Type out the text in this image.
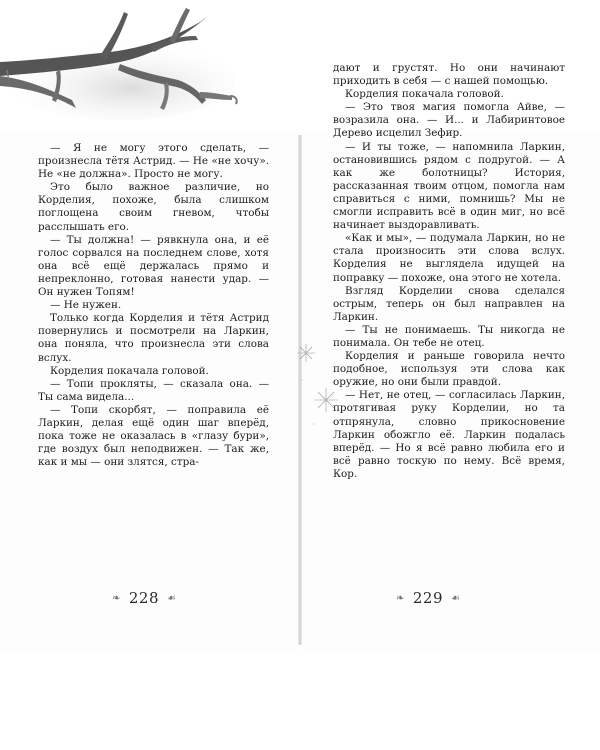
— Я не могу этого сделать, — произнесла тётя Астрид. — Не «не хочу». Не «не должна». Просто не могу.

Это было важное различие, но Корделия, похоже, была слишком поглощена своим гневом, чтобы расслышать его.

— Ты должна! — рявкнула она, и её голос сорвался на последнем слове, хотя она всё ещё держалась прямо и непреклонно, готовая нанести удар. — Он нужен Топям!

— Не нужен.

Только когда Корделия и тётя Астрид повернулись и посмотрели на Ларкин, она поняла, что произнесла эти слова вслух.

Корделия покачала головой.

— Топи прокляты, — сказала она. — Ты сама видела...

— Топи скорбят, — поправила её Ларкин, делая ещё один шаг вперёд, пока тоже не оказалась в «глазу бури», где воздух был неподвижен. — Так же, как и мы — они злятся, стра-

дают и грустят. Но они начинают приходить в себя — с нашей помощью.

Корделия покачала головой.

— Это твоя магия помогла Айве, — возразила она. — И... и Лабиринтовое Дерево исцелил Зефир.

— И ты тоже, — напомнила Ларкин, остановившись рядом с подругой. — А как же болотницы? История, рассказанная твоим отцом, помогла нам справиться с ними, помнишь? Мы не смогли исправить всё в один миг, но всё начинает выздоравливать.

«Как и мы», — подумала Ларкин, но не стала произносить эти слова вслух. Корделия не выглядела идущей на поправку — похоже, она этого не хотела.

Взгляд Корделии снова сделался острым, теперь он был направлен на Ларкин.

— Ты не понимаешь. Ты никогда не понимала. Он тебе не отец.

Корделия и раньше говорила нечто подобное, используя эти слова как оружие, но они были правдой.

— Нет, не отец, — согласилась Ларкин, протягивая руку Корделии, но та отпрянула, словно прикосновение Ларкин обожгло её. Ларкин подалась вперёд. — Но я всё равно любила его и всё равно тоскую по нему. Всё время, Кор.

❧ 228 ☙	❧ 229 ☙
